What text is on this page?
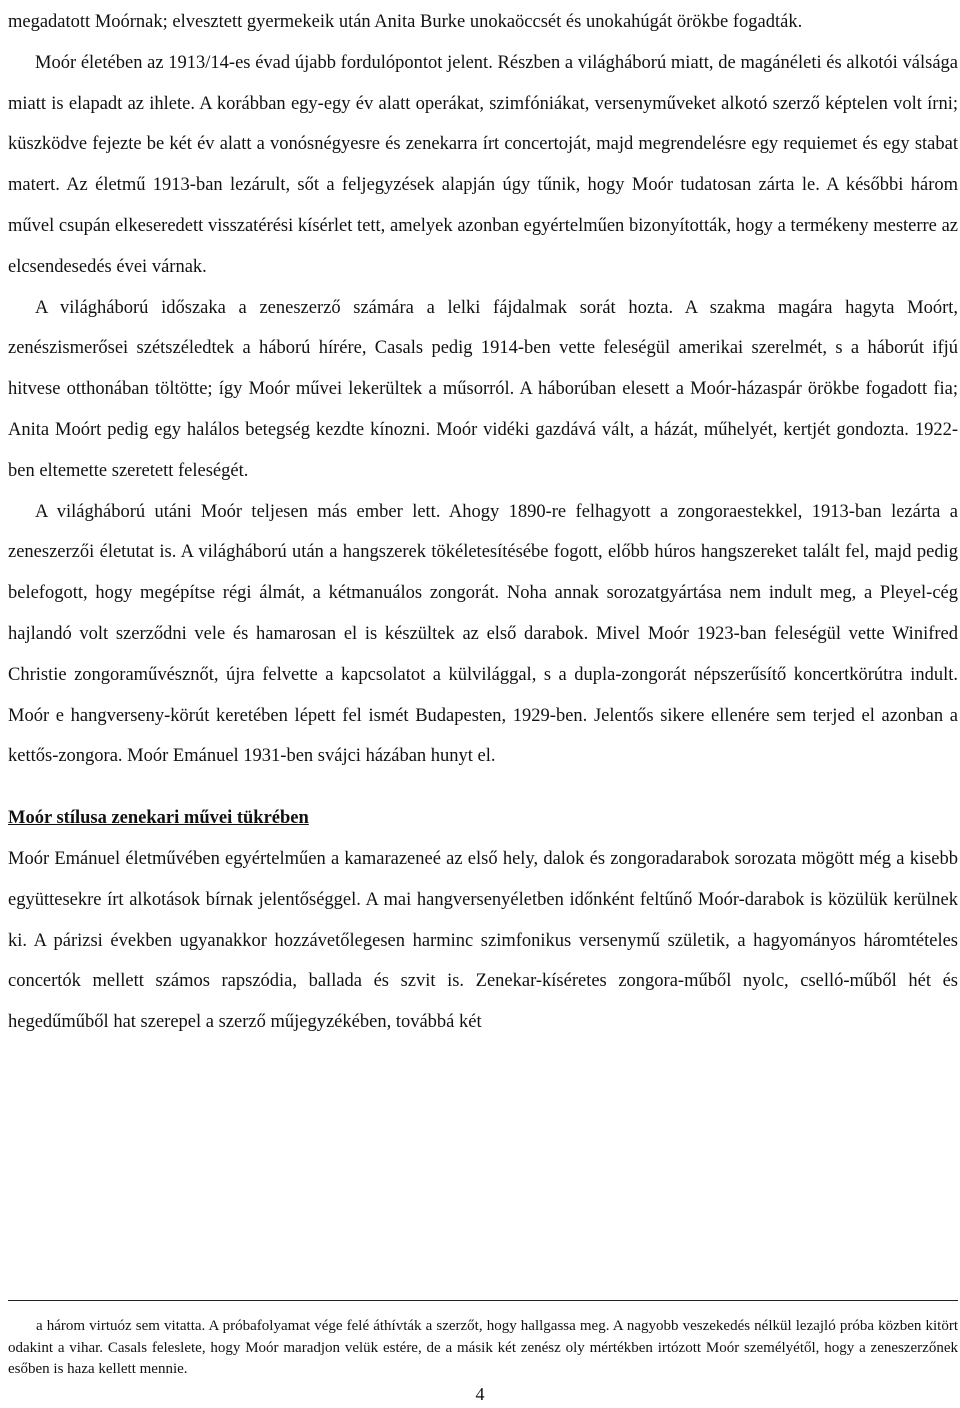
megadatott Moórnak; elvesztett gyermekeik után Anita Burke unokaöccsét és unokahúgát örökbe fogadták.

Moór életében az 1913/14-es évad újabb fordulópontot jelent. Részben a világháború miatt, de magánéleti és alkotói válsága miatt is elapadt az ihlete. A korábban egy-egy év alatt operákat, szimfóniákat, versenyműveket alkotó szerző képtelen volt írni; küszködve fejezte be két év alatt a vonósnégyesre és zenekarra írt concertoját, majd megrendelésre egy requiemet és egy stabat matert. Az életmű 1913-ban lezárult, sőt a feljegyzések alapján úgy tűnik, hogy Moór tudatosan zárta le. A későbbi három művel csupán elkeseredett visszatérési kísérlet tett, amelyek azonban egyértelműen bizonyították, hogy a termékeny mesterre az elcsendesedés évei várnak.

A világháború időszaka a zeneszerző számára a lelki fájdalmak sorát hozta. A szakma magára hagyta Moórt, zenészismerősei szétszéledtek a háború hírére, Casals pedig 1914-ben vette feleségül amerikai szerelmét, s a háborút ifjú hitvese otthonában töltötte; így Moór művei lekerültek a műsorról. A háborúban elesett a Moór-házaspár örökbe fogadott fia; Anita Moórt pedig egy halálos betegség kezdte kínozni. Moór vidéki gazdává vált, a házát, műhelyét, kertjét gondozta. 1922-ben eltemette szeretett feleségét.

A világháború utáni Moór teljesen más ember lett. Ahogy 1890-re felhagyott a zongoraestekkel, 1913-ban lezárta a zeneszerzői életutat is. A világháború után a hangszerek tökéletesítésébe fogott, előbb húros hangszereket talált fel, majd pedig belefogott, hogy megépítse régi álmát, a kétmanuálos zongorát. Noha annak sorozatgyártása nem indult meg, a Pleyel-cég hajlandó volt szerződni vele és hamarosan el is készültek az első darabok. Mivel Moór 1923-ban feleségül vette Winifred Christie zongoraművésznőt, újra felvette a kapcsolatot a külvilággal, s a dupla-zongorát népszerűsítő koncertkörútra indult. Moór e hangverseny-körút keretében lépett fel ismét Budapesten, 1929-ben. Jelentős sikere ellenére sem terjed el azonban a kettős-zongora. Moór Emánuel 1931-ben svájci házában hunyt el.

Moór stílusa zenekari művei tükrében

Moór Emánuel életművében egyértelműen a kamarazeneé az első hely, dalok és zongoradarabok sorozata mögött még a kisebb együttesekre írt alkotások bírnak jelentőséggel. A mai hangversenyéletben időnként feltűnő Moór-darabok is közülük kerülnek ki. A párizsi években ugyanakkor hozzávetőlegesen harminc szimfonikus versenymű születik, a hagyományos háromtételes concertók mellett számos rapszódia, ballada és szvit is. Zenekar-kíséretes zongora-műből nyolc, cselló-műből hét és hegedűműből hat szerepel a szerző műjegyzékében, továbbá két

a három virtuóz sem vitatta. A próbafolyamat vége felé áthívták a szerzőt, hogy hallgassa meg. A nagyobb veszekedés nélkül lezajló próba közben kitört odakint a vihar. Casals feleslete, hogy Moór maradjon velük estére, de a másik két zenész oly mértékben irtózott Moór személyétől, hogy a zeneszerzőnek esőben is haza kellett mennie.

4
